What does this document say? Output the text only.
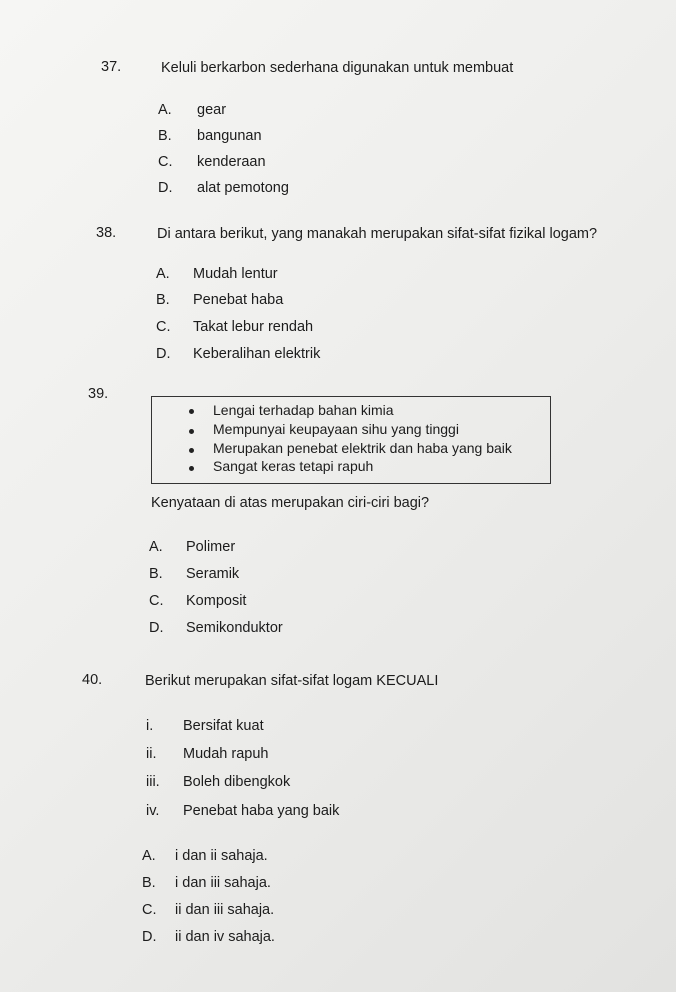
37.	Keluli berkarbon sederhana digunakan untuk membuat
A. gear
B. bangunan
C. kenderaan
D. alat pemotong
38.	Di antara berikut, yang manakah merupakan sifat-sifat fizikal logam?
A. Mudah lentur
B. Penebat haba
C. Takat lebur rendah
D. Keberalihan elektrik
39.
Lengai terhadap bahan kimia
Mempunyai keupayaan sihu yang tinggi
Merupakan penebat elektrik dan haba yang baik
Sangat keras tetapi rapuh
Kenyataan di atas merupakan ciri-ciri bagi?
A. Polimer
B. Seramik
C. Komposit
D. Semikonduktor
40.	Berikut merupakan sifat-sifat logam KECUALI
i. Bersifat kuat
ii. Mudah rapuh
iii. Boleh dibengkok
iv. Penebat haba yang baik
A. i dan ii sahaja.
B. i dan iii sahaja.
C. ii dan iii sahaja.
D. ii dan iv sahaja.
